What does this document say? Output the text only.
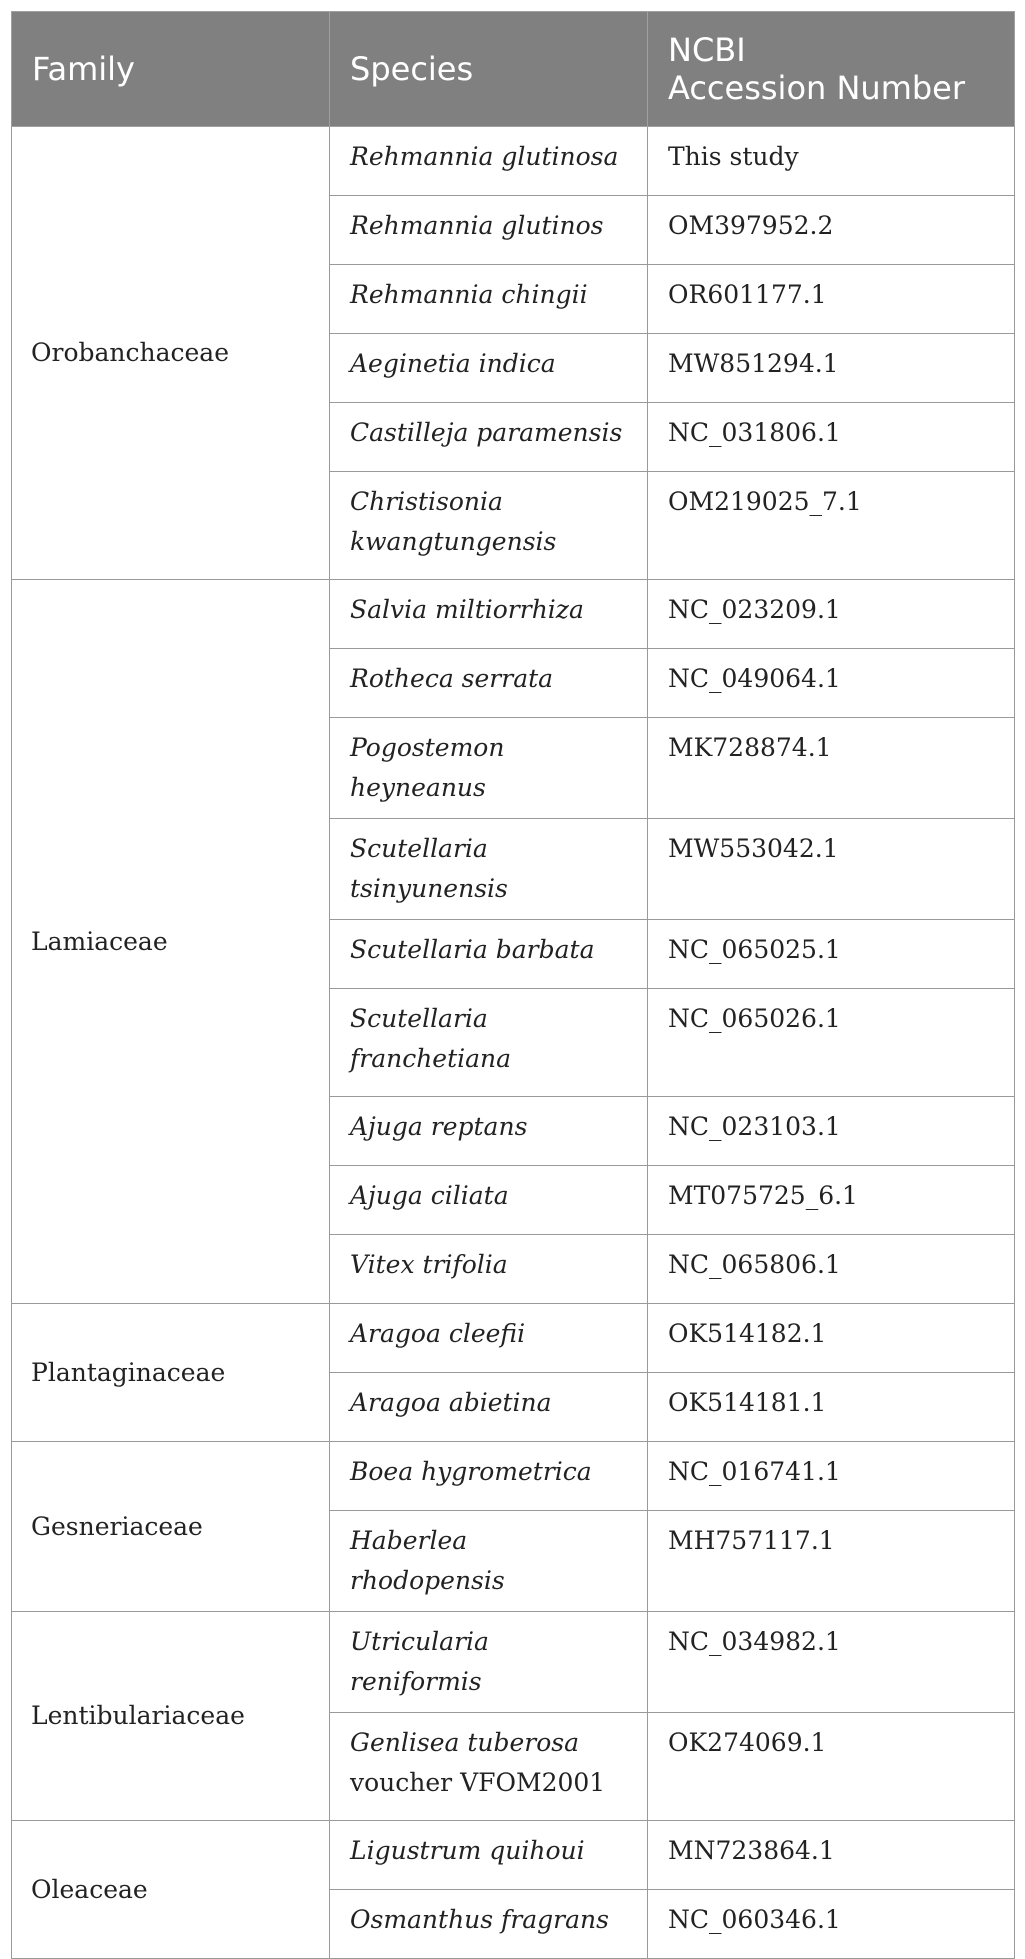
Family	Species	NCBI
Accession Number
Orobanchaceae	Rehmannia glutinosa	This study
	Rehmannia glutinos	OM397952.2
	Rehmannia chingii	OR601177.1
	Aeginetia indica	MW851294.1
	Castilleja paramensis	NC_031806.1
	Christisonia kwangtungensis	OM219025_7.1
Lamiaceae	Salvia miltiorrhiza	NC_023209.1
	Rotheca serrata	NC_049064.1
	Pogostemon heyneanus	MK728874.1
	Scutellaria tsinyunensis	MW553042.1
	Scutellaria barbata	NC_065025.1
	Scutellaria franchetiana	NC_065026.1
	Ajuga reptans	NC_023103.1
	Ajuga ciliata	MT075725_6.1
	Vitex trifolia	NC_065806.1
Plantaginaceae	Aragoa cleefii	OK514182.1
	Aragoa abietina	OK514181.1
Gesneriaceae	Boea hygrometrica	NC_016741.1
	Haberlea rhodopensis	MH757117.1
Lentibulariaceae	Utricularia reniformis	NC_034982.1
	Genlisea tuberosa voucher VFOM2001	OK274069.1
Oleaceae	Ligustrum quihoui	MN723864.1
	Osmanthus fragrans	NC_060346.1
